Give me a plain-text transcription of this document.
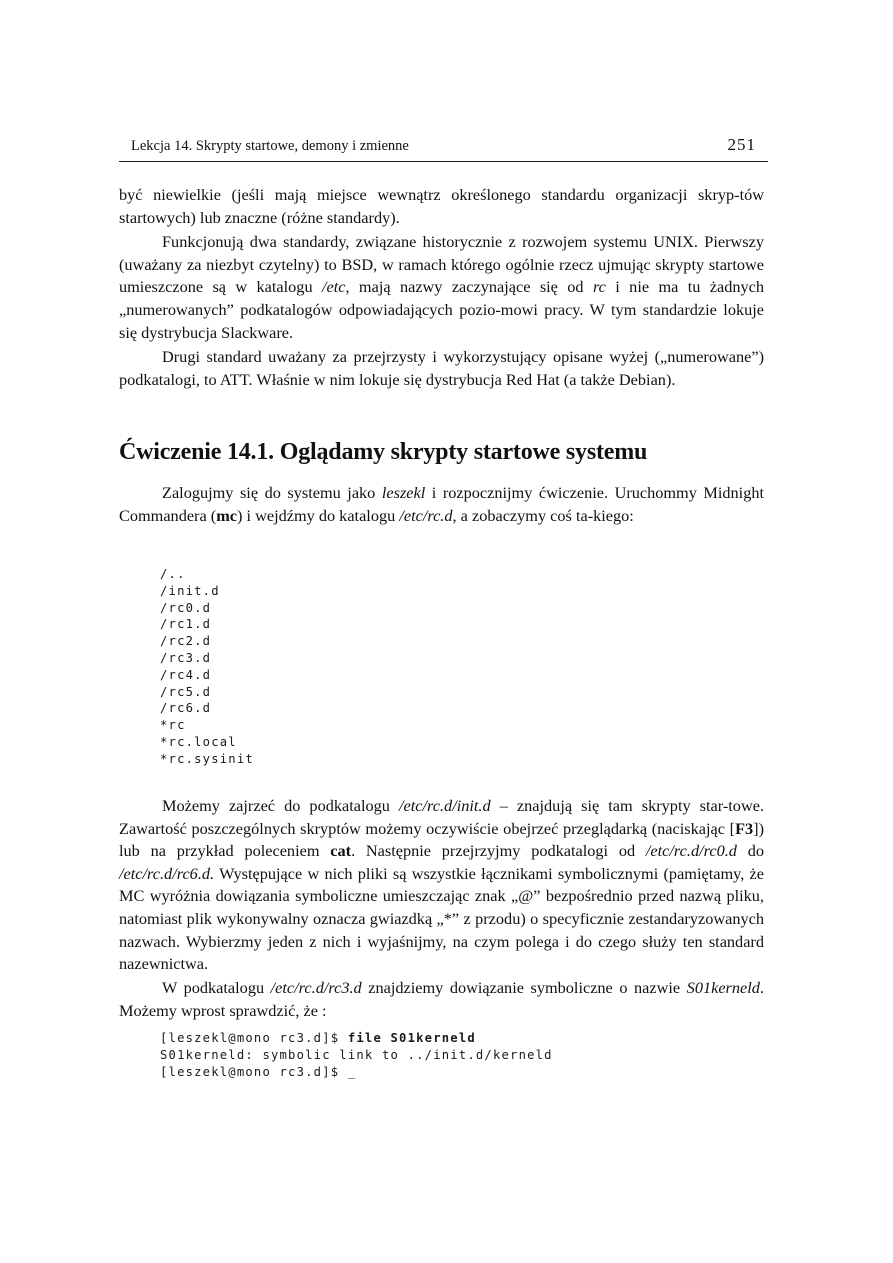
Lekcja 14. Skrypty startowe, demony i zmienne	251

być niewielkie (jeśli mają miejsce wewnątrz określonego standardu organizacji skryp-tów startowych) lub znaczne (różne standardy).

Funkcjonują dwa standardy, związane historycznie z rozwojem systemu UNIX. Pierwszy (uważany za niezbyt czytelny) to BSD, w ramach którego ogólnie rzecz ujmując skrypty startowe umieszczone są w katalogu /etc, mają nazwy zaczynające się od rc i nie ma tu żadnych „numerowanych” podkatalogów odpowiadających pozio-mowi pracy. W tym standardzie lokuje się dystrybucja Slackware.

Drugi standard uważany za przejrzysty i wykorzystujący opisane wyżej („numerowane”) podkatalogi, to ATT. Właśnie w nim lokuje się dystrybucja Red Hat (a także Debian).

Ćwiczenie 14.1. Oglądamy skrypty startowe systemu

Zalogujmy się do systemu jako leszekl i rozpocznijmy ćwiczenie. Uruchommy Midnight Commandera (mc) i wejdźmy do katalogu /etc/rc.d, a zobaczymy coś ta-kiego:

/..
/init.d
/rc0.d
/rc1.d
/rc2.d
/rc3.d
/rc4.d
/rc5.d
/rc6.d
*rc
*rc.local
*rc.sysinit

Możemy zajrzeć do podkatalogu /etc/rc.d/init.d – znajdują się tam skrypty star-towe. Zawartość poszczególnych skryptów możemy oczywiście obejrzeć przeglądarką (naciskając [F3]) lub na przykład poleceniem cat. Następnie przejrzyjmy podkatalogi od /etc/rc.d/rc0.d do /etc/rc.d/rc6.d. Występujące w nich pliki są wszystkie łącznikami symbolicznymi (pamiętamy, że MC wyróżnia dowiązania symboliczne umieszczając znak „@” bezpośrednio przed nazwą pliku, natomiast plik wykonywalny oznacza gwiazdką „*” z przodu) o specyficznie zestandaryzowanych nazwach. Wybierzmy jeden z nich i wyjaśnijmy, na czym polega i do czego służy ten standard nazewnictwa.

W podkatalogu /etc/rc.d/rc3.d znajdziemy dowiązanie symboliczne o nazwie S01kerneld. Możemy wprost sprawdzić, że :

[leszekl@mono rc3.d]$ file S01kerneld
S01kerneld: symbolic link to ../init.d/kerneld
[leszekl@mono rc3.d]$ _
